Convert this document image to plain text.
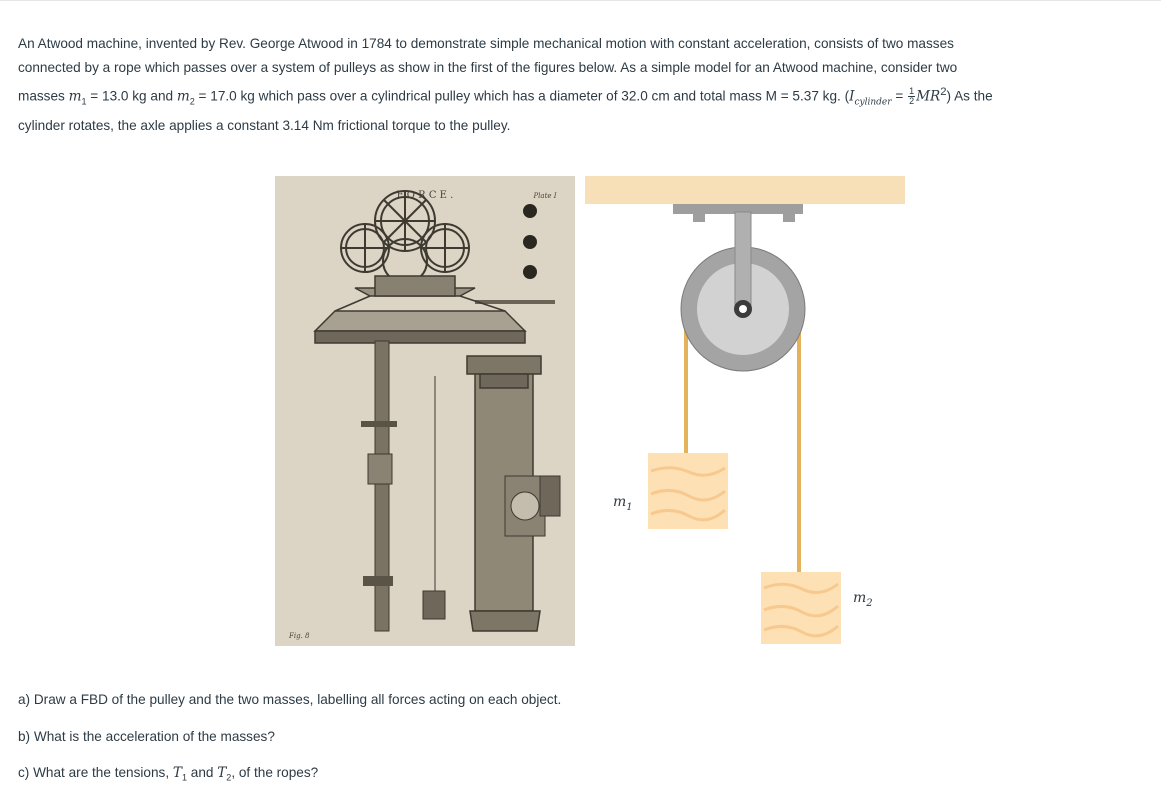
An Atwood machine, invented by Rev. George Atwood in 1784 to demonstrate simple mechanical motion with constant acceleration, consists of two masses
connected by a rope which passes over a system of pulleys as show in the first of the figures below. As a simple model for an Atwood machine, consider two
masses $m_1 = 13.0$ kg and $m_2 = 17.0$ kg which pass over a cylindrical pulley which has a diameter of 32.0 cm and total mass M = 5.37 kg. $(I_{cylinder} = \frac{1}{2} MR^2)$ As the
cylinder rotates, the axle applies a constant 3.14 Nm frictional torque to the pulley.
F O R C E .	Plate I
Fig. 8
$m_1$
$m_2$

a) Draw a FBD of the pulley and the two masses, labelling all forces acting on each object.

b) What is the acceleration of the masses?

c) What are the tensions, $T_1$ and $T_2$, of the ropes?
